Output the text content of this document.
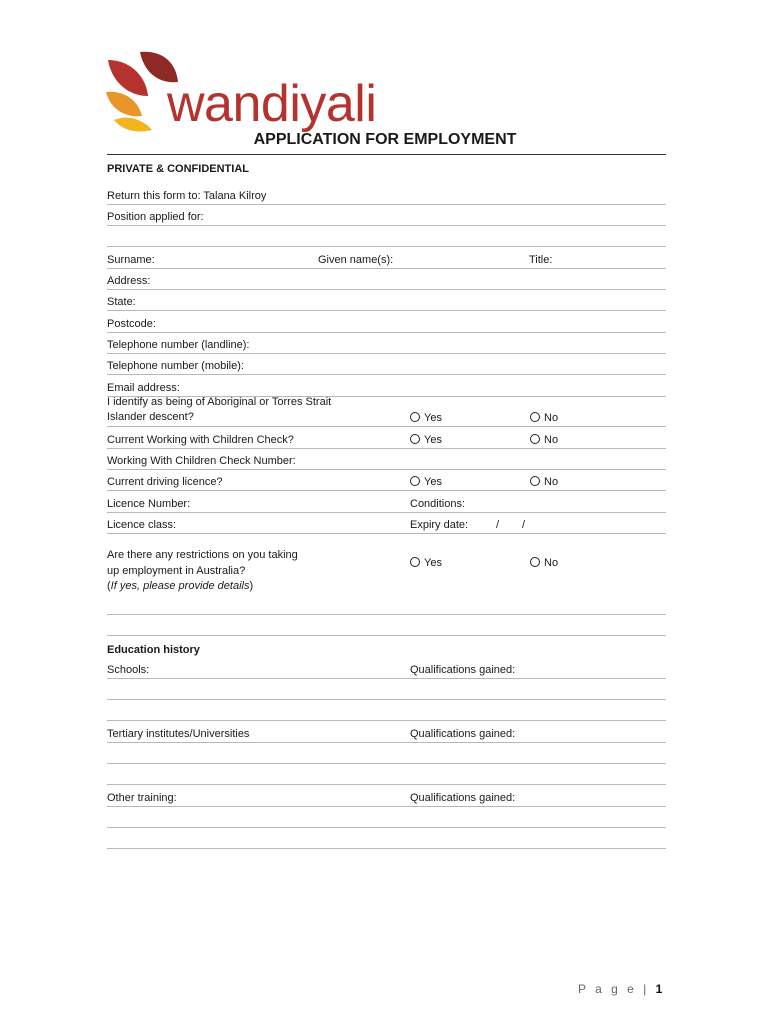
wandiyali
APPLICATION FOR EMPLOYMENT
PRIVATE & CONFIDENTIAL
Return this form to: Talana Kilroy
Position applied for:
Surname:	Given name(s):	Title:
Address:
State:
Postcode:
Telephone number (landline):
Telephone number (mobile):
Email address:
I identify as being of Aboriginal or Torres Strait
Islander descent?	Yes	No
Current Working with Children Check?	Yes	No
Working With Children Check Number:
Current driving licence?	Yes	No
Licence Number:	Conditions:
Licence class:	Expiry date:	/ /
Are there any restrictions on you taking
up employment in Australia?
(If yes, please provide details)
Yes	No
Education history
Schools:	Qualifications gained:
Tertiary institutes/Universities	Qualifications gained:
Other training:	Qualifications gained:
P a g e | 1
